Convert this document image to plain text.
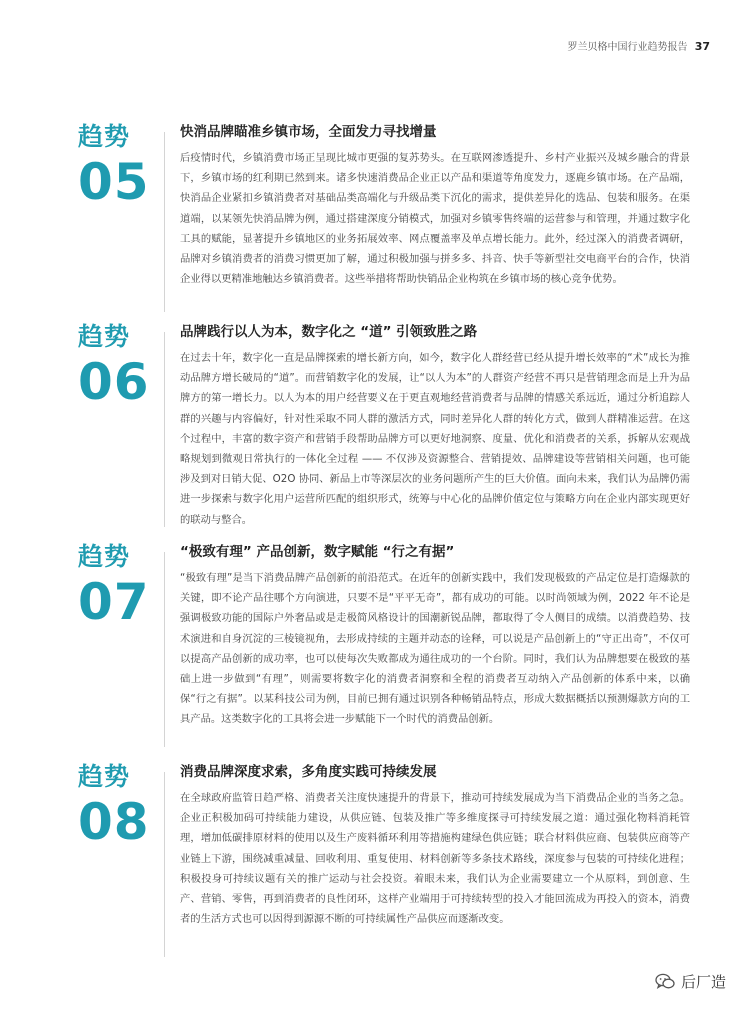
罗兰贝格中国行业趋势报告 37
趋势
05
快消品牌瞄准乡镇市场，全面发力寻找增量
后疫情时代，乡镇消费市场正呈现比城市更强的复苏势头。在互联网渗透提升、乡村产业振兴及城乡融合的背景下，乡镇市场的红利期已然到来。诸多快速消费品企业正以产品和渠道等角度发力，逐鹿乡镇市场。在产品端，快消品企业紧扣乡镇消费者对基础品类高端化与升级品类下沉化的需求，提供差异化的选品、包装和服务。在渠道端，以某领先快消品牌为例，通过搭建深度分销模式，加强对乡镇零售终端的运营参与和管理，并通过数字化工具的赋能，显著提升乡镇地区的业务拓展效率、网点覆盖率及单点增长能力。此外，经过深入的消费者调研，品牌对乡镇消费者的消费习惯更加了解，通过积极加强与拼多多、抖音、快手等新型社交电商平台的合作，快消企业得以更精准地触达乡镇消费者。这些举措将帮助快销品企业构筑在乡镇市场的核心竞争优势。
趋势
06
品牌践行以人为本，数字化之 “道” 引领致胜之路
在过去十年，数字化一直是品牌探索的增长新方向，如今，数字化人群经营已经从提升增长效率的“术”成长为推动品牌方增长破局的“道”。而营销数字化的发展，让“以人为本”的人群资产经营不再只是营销理念而是上升为品牌方的第一增长力。以人为本的用户经营要义在于更直观地经营消费者与品牌的情感关系远近，通过分析追踪人群的兴趣与内容偏好，针对性采取不同人群的激活方式，同时差异化人群的转化方式，做到人群精准运营。在这个过程中，丰富的数字资产和营销手段帮助品牌方可以更好地洞察、度量、优化和消费者的关系，拆解从宏观战略规划到微观日常执行的一体化全过程 —— 不仅涉及资源整合、营销提效、品牌建设等营销相关问题，也可能涉及到对日销大促、O2O 协同、新品上市等深层次的业务问题所产生的巨大价值。面向未来，我们认为品牌仍需进一步探索与数字化用户运营所匹配的组织形式，统筹与中心化的品牌价值定位与策略方向在企业内部实现更好的联动与整合。
趋势
07
“极致有理” 产品创新，数字赋能 “行之有据”
“极致有理”是当下消费品牌产品创新的前沿范式。在近年的创新实践中，我们发现极致的产品定位是打造爆款的关键，即不论产品往哪个方向演进，只要不是“平平无奇”，都有成功的可能。以时尚领域为例，2022 年不论是强调极致功能的国际户外奢品或是走极简风格设计的国潮新锐品牌，都取得了令人侧目的成绩。以消费趋势、技术演进和自身沉淀的三棱镜视角，去形成持续的主题并动态的诠释，可以说是产品创新上的“守正出奇”，不仅可以提高产品创新的成功率，也可以使每次失败都成为通往成功的一个台阶。同时，我们认为品牌想要在极致的基础上进一步做到“有理”，则需要将数字化的消费者洞察和全程的消费者互动纳入产品创新的体系中来，以确保“行之有据”。以某科技公司为例，目前已拥有通过识别各种畅销品特点，形成大数据概括以预测爆款方向的工具产品。这类数字化的工具将会进一步赋能下一个时代的消费品创新。
趋势
08
消费品牌深度求索，多角度实践可持续发展
在全球政府监管日趋严格、消费者关注度快速提升的背景下，推动可持续发展成为当下消费品企业的当务之急。企业正积极加码可持续能力建设，从供应链、包装及推广等多维度探寻可持续发展之道：通过强化物料消耗管理，增加低碳排原材料的使用以及生产废料循环利用等措施构建绿色供应链；联合材料供应商、包装供应商等产业链上下游，围绕减重减量、回收利用、重复使用、材料创新等多条技术路线，深度参与包装的可持续化进程；积极投身可持续议题有关的推广运动与社会投资。着眼未来，我们认为企业需要建立一个从原料，到创意、生产、营销、零售，再到消费者的良性闭环，这样产业端用于可持续转型的投入才能回流成为再投入的资本，消费者的生活方式也可以因得到源源不断的可持续属性产品供应而逐渐改变。
后厂造
